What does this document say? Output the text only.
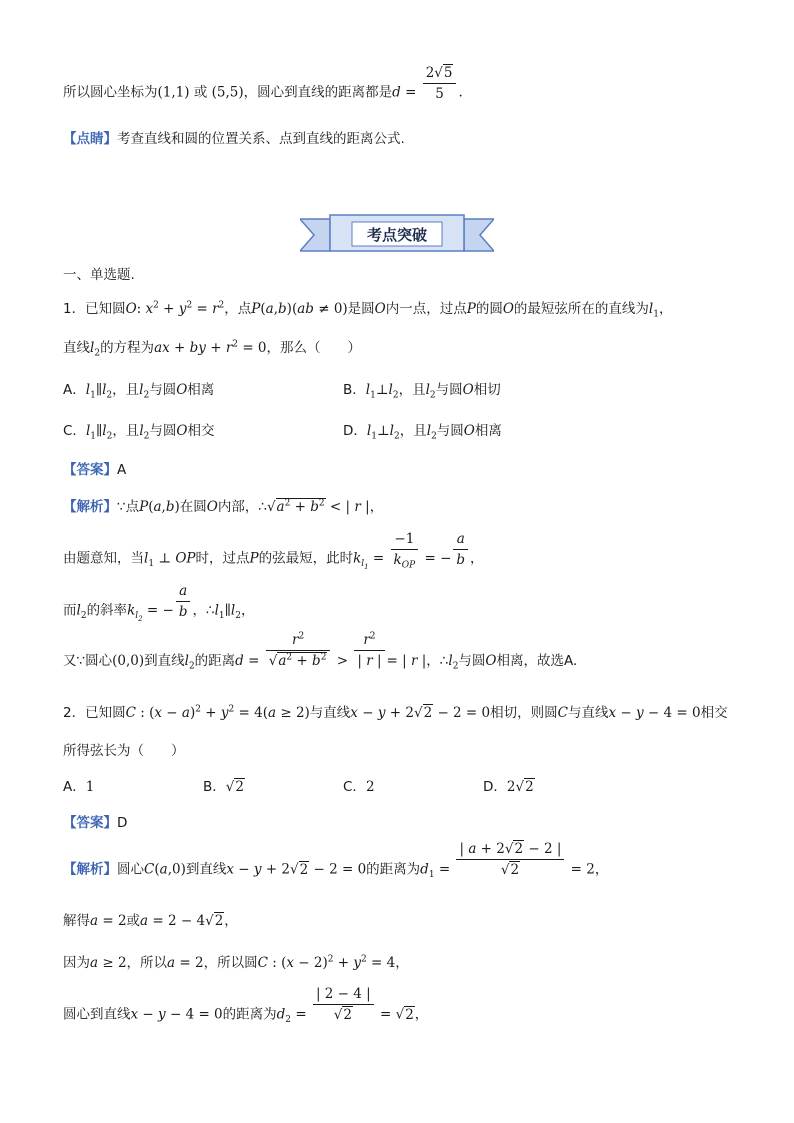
所以圆心坐标为(1,1) 或 (5,5)，圆心到直线的距离都是$d = \frac{2√5}{5}$ .
【点睛】考查直线和圆的位置关系、点到直线的距离公式.
考点突破
一、单选题.
1．已知圆O: $x^2 + y^2 = r^2$，点P(a,b)(ab ≠ 0)是圆O内一点，过点P的圆O的最短弦所在的直线为$l_1$，
直线$l_2$的方程为ax + by + $r^2 = 0$，那么（　　）
A．$l_1\parallel l_2$，且$l_2$与圆O相离	B．$l_1\perp l_2$，且$l_2$与圆O相切
C．$l_1\parallel l_2$，且$l_2$与圆O相交	D．$l_1\perp l_2$，且$l_2$与圆O相离
【答案】A
【解析】∵点P(a,b)在圆O内部，$\therefore√a^2 + b^2$ < | r |，
由题意知，当$l_1$ ⊥ OP时，过点P的弦最短，此时$k_{l_1} = \frac{-1}{k_{OP}}$ = − $\frac{a}{b}$ ，
而$l_2$的斜率$k_{l_2}$ = − $\frac{a}{b}$ ，$\therefore l_1\parallel l_2$，
又∵圆心(0,0)到直线$l_2$的距离$d = \frac{r^2}{√a^2 + b^2} > \frac{r^2}{| r |}$ = | r |，$\therefore l_2$与圆O相离，故选A.
2．已知圆C : $(x - a)^2 + y^2 = 4(a \ge 2)$与直线x − y + 2√2 − 2 = 0相切，则圆C与直线x − y − 4 = 0相交
所得弦长为（　　）
A．1	B．√2	C．2	D．2√2
【答案】D
【解析】圆心C(a,0)到直线x − y + 2√2 − 2 = 0的距离为$d_1 = \frac{| a + 2√2 - 2 |}{√2} = 2$，
解得a = 2或a = 2 − 4√2，
因为a ≥ 2，所以a = 2，所以圆C : $(x - 2)^2 + y^2 = 4$，
圆心到直线x − y − 4 = 0的距离为$d_2 = \frac{| 2 - 4 |}{√2} = √2$，
